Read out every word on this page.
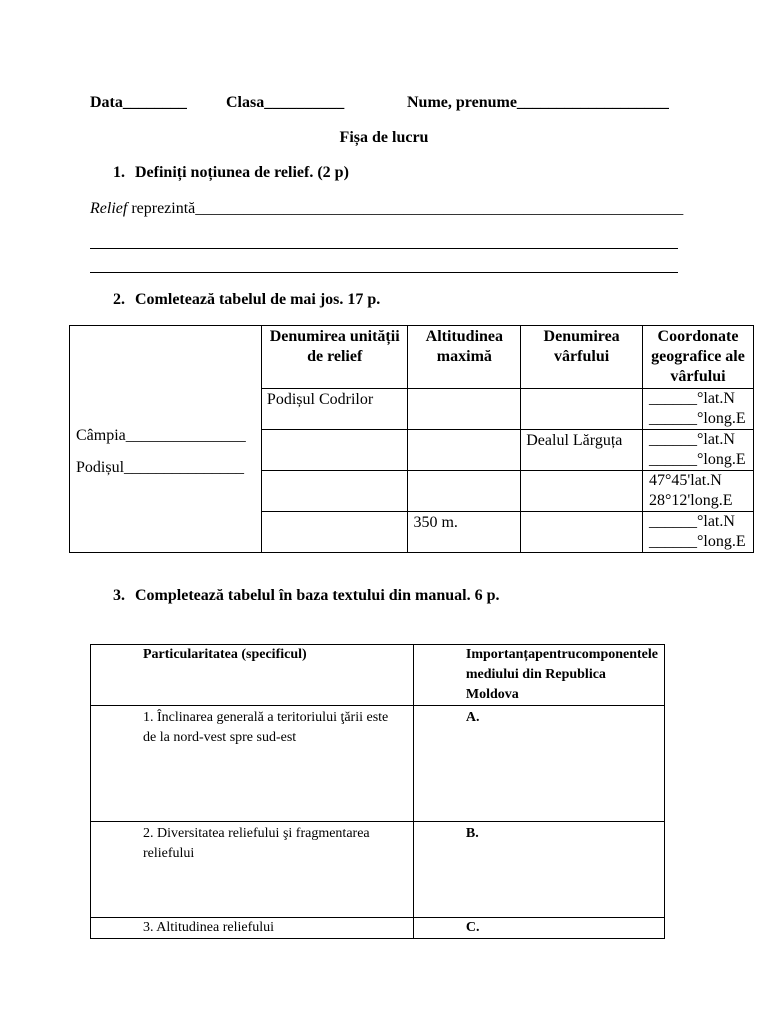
Data________ Clasa__________	Nume, prenume___________________
Fișa de lucru
1. Definiți noțiunea de relief. (2 p)
Relief reprezintă_____________________________________________________________
2. Comletează tabelul de mai jos. 17 p.
Câmpia_______________
Podișul_______________	Denumirea unității de relief	Altitudinea maximă	Denumirea vârfului	Coordonate geografice ale vârfului
	Podișul Codrilor			______°lat.N
______°long.E

			Dealul Lărguța	______°lat.N
______°long.E

				47°45'lat.N
28°12'long.E

		350 m.		______°lat.N
______°long.E
3. Completează tabelul în baza textului din manual. 6 p.
Particularitatea (specificul)	Importanța pentru componentele
mediului din Republica Moldova

1. Înclinarea generală a teritoriului ţării este de la nord-vest spre sud-est	A.
2. Diversitatea reliefului şi fragmentarea reliefului	B.
3. Altitudinea reliefului	C.
